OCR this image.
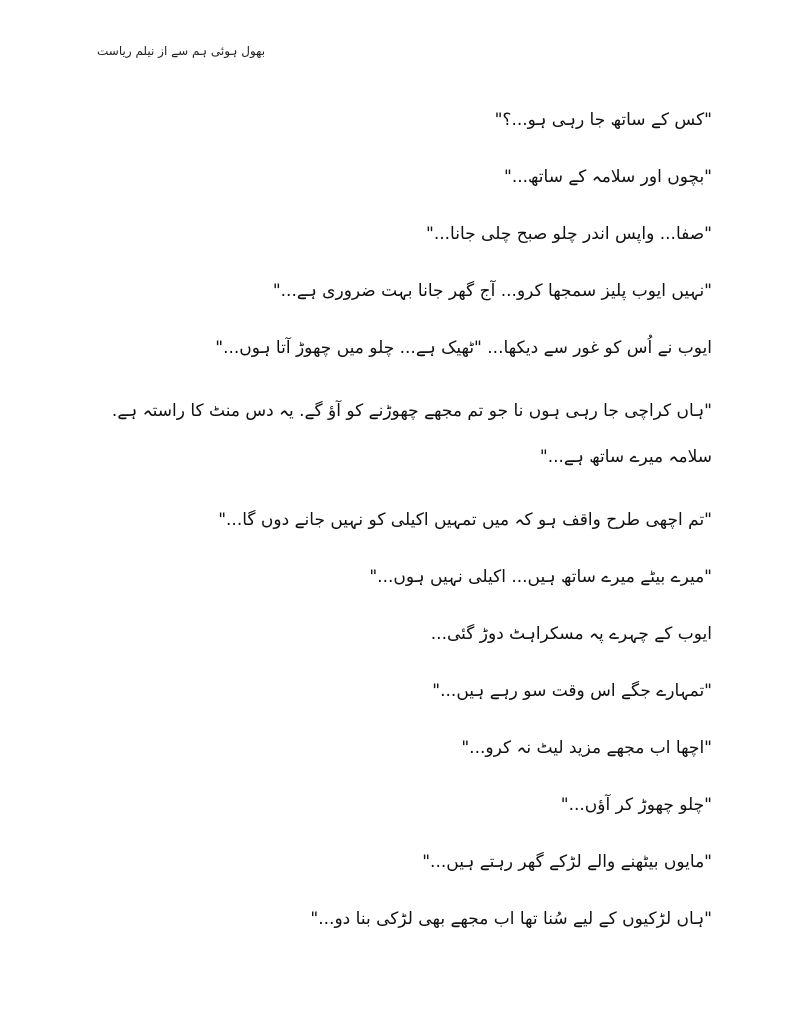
بھول ہوئی ہم سے از نیلم ریاست

"کس کے ساتھ جا رہی ہو...؟"

"بچوں اور سلامہ کے ساتھ..."

"صفا... واپس اندر چلو صبح چلی جانا..."

"نہیں ایوب پلیز سمجھا کرو... آج گھر جانا بہت ضروری ہے..."

ایوب نے اُس کو غور سے دیکھا... "ٹھیک ہے... چلو میں چھوڑ آتا ہوں..."

"ہاں کراچی جا رہی ہوں نا جو تم مجھے چھوڑنے کو آؤ گے. یہ دس منٹ کا راستہ ہے. سلامہ میرے ساتھ ہے..."

"تم اچھی طرح واقف ہو کہ میں تمہیں اکیلی کو نہیں جانے دوں گا..."

"میرے بیٹے میرے ساتھ ہیں... اکیلی نہیں ہوں..."

ایوب کے چہرے پہ مسکراہٹ دوڑ گئی...

"تمہارے جگے اس وقت سو رہے ہیں..."

"اچھا اب مجھے مزید لیٹ نہ کرو..."

"چلو چھوڑ کر آؤں..."

"مایوں بیٹھنے والے لڑکے گھر رہتے ہیں..."

"ہاں لڑکیوں کے لیے سُنا تھا اب مجھے بھی لڑکی بنا دو..."
